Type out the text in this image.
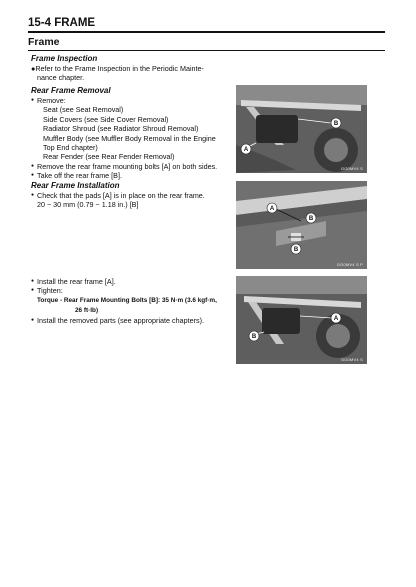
15-4 FRAME
Frame
Frame Inspection
●Refer to the Frame Inspection in the Periodic Mainte-
nance chapter.
Rear Frame Removal
● Remove:
Seat (see Seat Removal)
Side Covers (see Side Cover Removal)
Radiator Shroud (see Radiator Shroud Removal)
Muffler Body (see Muffler Body Removal in the Engine
Top End chapter)
Rear Fender (see Rear Fender Removal)
● Remove the rear frame mounting bolts [A] on both sides.
● Take off the rear frame [B].
Rear Frame Installation
● Check that the pads [A] is in place on the rear frame.
20 ~ 30 mm (0.79 ~ 1.18 in.) [B]
● Install the rear frame [A].
● Tighten:
Torque - Rear Frame Mounting Bolts [B]: 35 N·m (3.6 kgf·m,
26 ft·lb)
● Install the removed parts (see appropriate chapters).
B
A
GG0MV4 S
A
B
B
GG0MV4 S P
A
B
GG0MV4 S
